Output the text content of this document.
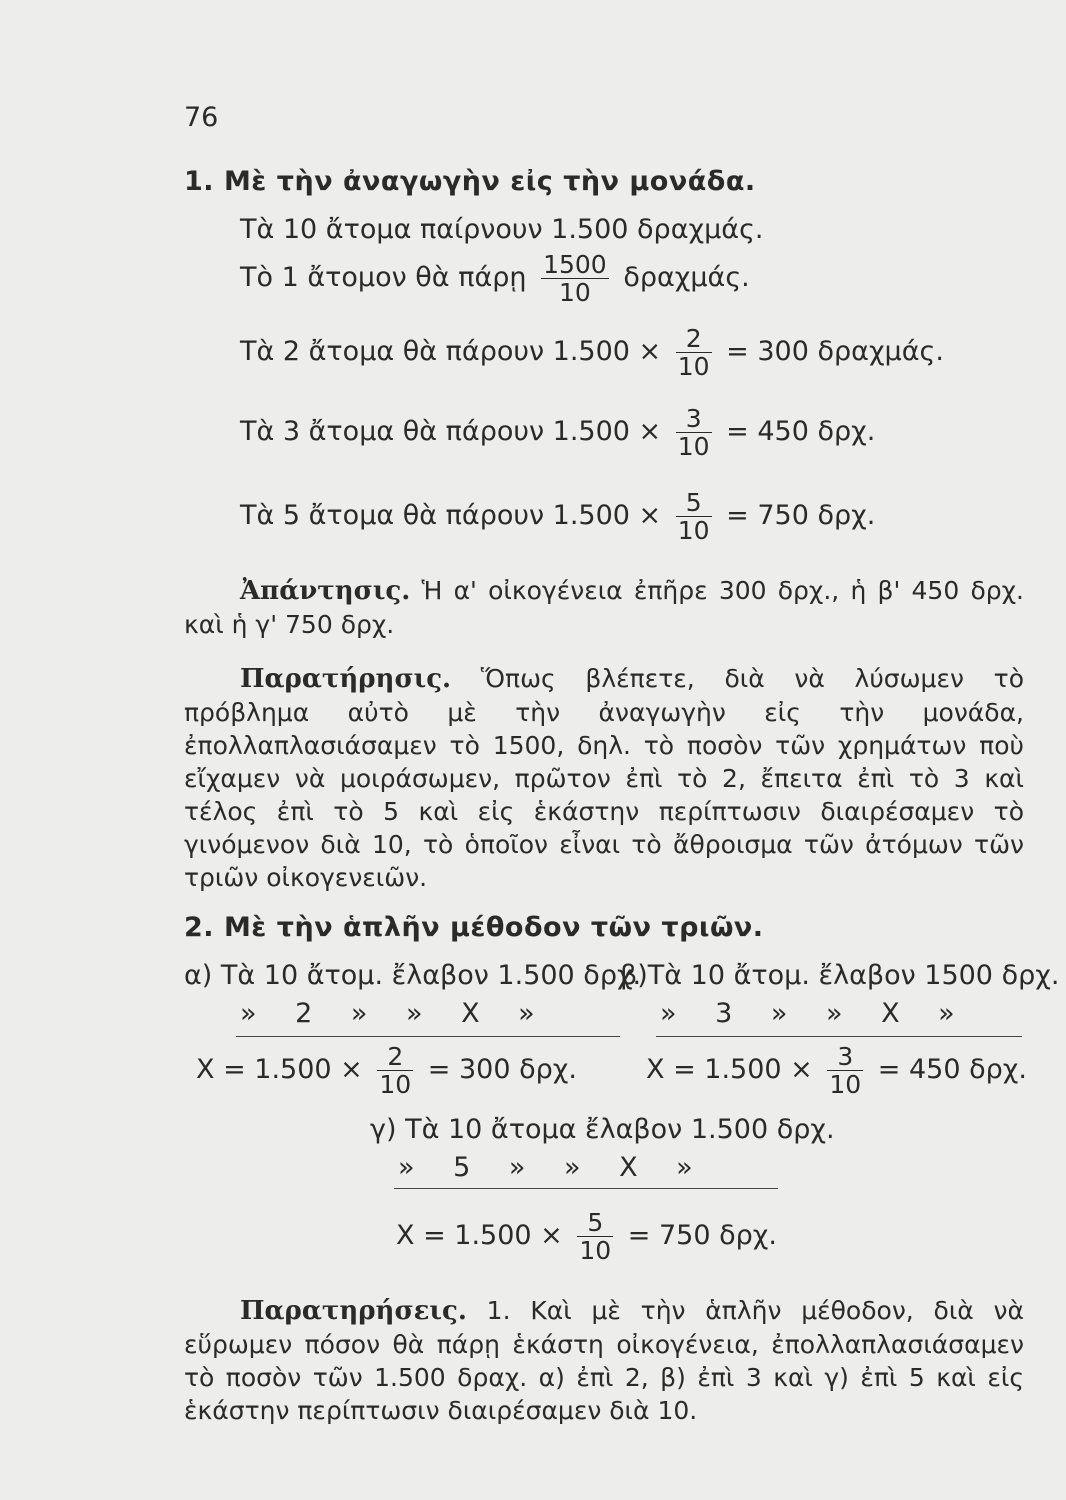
76
1. Μὲ τὴν ἀναγωγὴν εἰς τὴν μονάδα.
Τὰ 10 ἄτομα παίρνουν 1.500 δραχμάς.
Τὸ 1 ἄτομον θὰ πάρῃ $\frac{1500}{10} \delta\rho\alpha\chi\mu ά\varsigma$.
Τὰ 2 ἄτομα θὰ πάρουν $1.500 \times \frac{2}{10} = 300$ δραχμάς.
Τὰ 3 ἄτομα θὰ πάρουν $1.500 \times \frac{3}{10} = 450$ δρχ.
Τὰ 5 ἄτομα θὰ πάρουν $1.500 \times \frac{5}{10} = 750$ δρχ.
Ἀπάντησις. Ἡ α' οἰκογένεια ἐπῆρε 300 δρχ., ἡ β' 450 δρχ. καὶ ἡ γ' 750 δρχ.
Παρατήρησις. Ὅπως βλέπετε, διὰ νὰ λύσωμεν τὸ πρόβλημα αὐτὸ μὲ τὴν ἀναγωγὴν εἰς τὴν μονάδα, ἐπολλαπλασιάσαμεν τὸ 1500, δηλ. τὸ ποσὸν τῶν χρημάτων ποὺ εἴχαμεν νὰ μοιράσωμεν, πρῶτον ἐπὶ τὸ 2, ἔπειτα ἐπὶ τὸ 3 καὶ τέλος ἐπὶ τὸ 5 καὶ εἰς ἑκάστην περίπτωσιν διαιρέσαμεν τὸ γινόμενον διὰ 10, τὸ ὁποῖον εἶναι τὸ ἄθροισμα τῶν ἀτόμων τῶν τριῶν οἰκογενειῶν.
2. Μὲ τὴν ἁπλῆν μέθοδον τῶν τριῶν.
α) Τὰ 10 ἄτομ. ἔλαβον 1.500 δρχ.
β)Τὰ 10 ἄτομ. ἔλαβον 1500 δρχ.
» 2 » » X »	» 3 » » X »
$X = 1.500 \times \frac{2}{10} = 300$ δρχ.	$X = 1.500 \times \frac{3}{10} = 450$ δρχ.
γ) Τὰ 10 ἄτομα ἔλαβον 1.500 δρχ.
» 5 » » X »
$X = 1.500 \times \frac{5}{10} = 750$ δρχ.
Παρατηρήσεις. 1. Καὶ μὲ τὴν ἁπλῆν μέθοδον, διὰ νὰ εὕρωμεν πόσον θὰ πάρῃ ἑκάστη οἰκογένεια, ἐπολλαπλασιάσαμεν τὸ ποσὸν τῶν 1.500 δραχ. α) ἐπὶ 2, β) ἐπὶ 3 καὶ γ) ἐπὶ 5 καὶ εἰς ἑκάστην περίπτωσιν διαιρέσαμεν διὰ 10.
